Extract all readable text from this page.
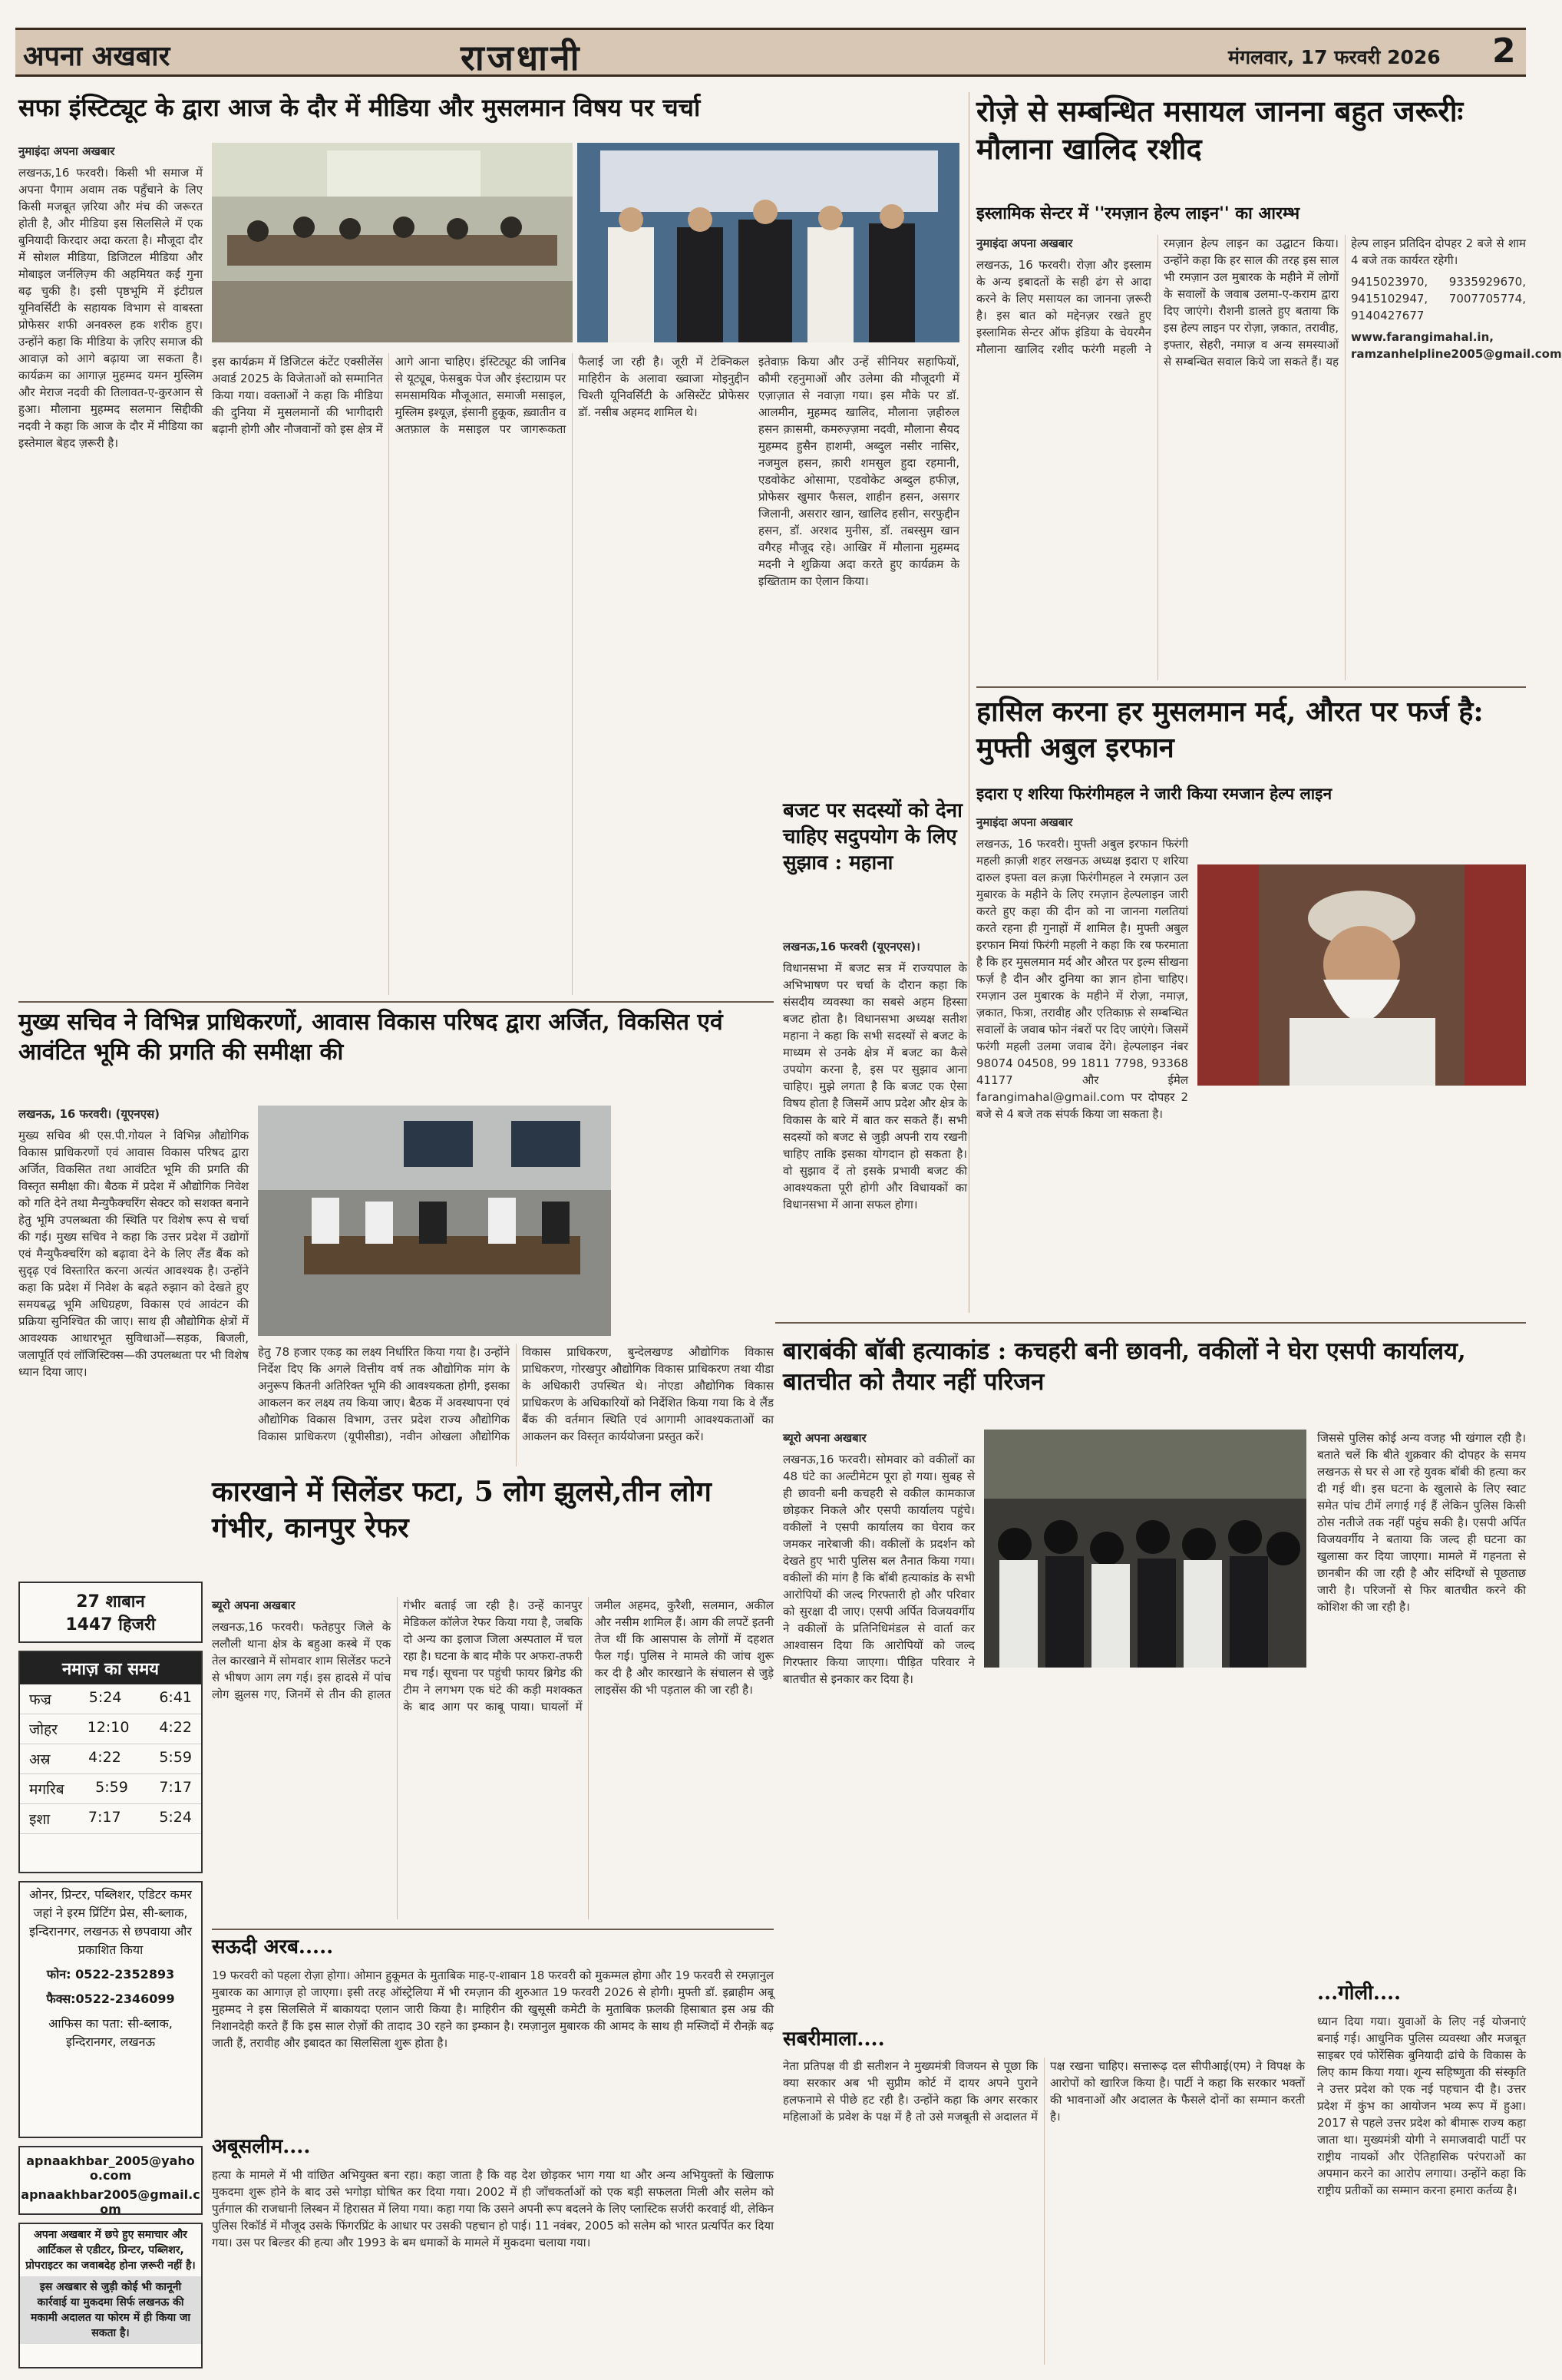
अपना अखबार	राजधानी	मंगलवार, 17 फरवरी 2026 2
सफा इंस्टिट्यूट के द्वारा आज के दौर में मीडिया और मुसलमान विषय पर चर्चा

नुमाइंदा अपना अखबार

लखनऊ,16 फरवरी। किसी भी समाज में अपना पैगाम अवाम तक पहुँचाने के लिए किसी मजबूत ज़रिया और मंच की जरूरत होती है, और मीडिया इस सिलसिले में एक बुनियादी किरदार अदा करता है। मौजूदा दौर में सोशल मीडिया, डिजिटल मीडिया और मोबाइल जर्नलिज़्म की अहमियत कई गुना बढ़ चुकी है। इसी पृष्ठभूमि में इंटीग्रल यूनिवर्सिटी के सहायक विभाग से वाबस्ता प्रोफेसर शफी अनवरुल हक शरीक हुए। उन्होंने कहा कि मीडिया के ज़रिए समाज की आवाज़ को आगे बढ़ाया जा सकता है। कार्यक्रम का आगाज़ मुहम्मद यमन मुस्लिम और मेराज नदवी की तिलावत-ए-कुरआन से हुआ। मौलाना मुहम्मद सलमान सिद्दीकी नदवी ने कहा कि आज के दौर में मीडिया का इस्तेमाल बेहद ज़रूरी है।

इस कार्यक्रम में डिजिटल कंटेंट एक्सीलेंस अवार्ड 2025 के विजेताओं को सम्मानित किया गया। वक्ताओं ने कहा कि मीडिया की दुनिया में मुसलमानों की भागीदारी बढ़ानी होगी और नौजवानों को इस क्षेत्र में आगे आना चाहिए। इंस्टिट्यूट की जानिब से यूट्यूब, फेसबुक पेज और इंस्टाग्राम पर समसामयिक मौजूआत, समाजी मसाइल, मुस्लिम इश्यूज़, इंसानी हुकूक, ख़्वातीन व अतफ़ाल के मसाइल पर जागरूकता फैलाई जा रही है। जूरी में टेक्निकल माहिरीन के अलावा ख्वाजा मोइनुद्दीन चिश्ती यूनिवर्सिटी के असिस्टेंट प्रोफेसर डॉ. नसीब अहमद शामिल थे।

इतेवाफ़ किया और उन्हें सीनियर सहाफियों, कौमी रहनुमाओं और उलेमा की मौजूदगी में एज़ाज़ात से नवाज़ा गया। इस मौके पर डॉ. आलमीन, मुहम्मद खालिद, मौलाना ज़हीरुल हसन क़ासमी, कमरुज़्ज़मा नदवी, मौलाना सैयद मुहम्मद हुसैन हाशमी, अब्दुल नसीर नासिर, नजमुल हसन, क़ारी शमसुल हुदा रहमानी, एडवोकेट ओसामा, एडवोकेट अब्दुल हफीज़, प्रोफेसर खुमार फैसल, शाहीन हसन, असगर जिलानी, असरार खान, खालिद हसीन, सरफुद्दीन हसन, डॉ. अरशद मुनीस, डॉ. तबस्सुम खान वगैरह मौजूद रहे। आखिर में मौलाना मुहम्मद मदनी ने शुक्रिया अदा करते हुए कार्यक्रम के इख्तिताम का ऐलान किया।

रोज़े से सम्बन्धित मसायल जानना बहुत जरूरीः मौलाना खालिद रशीद
इस्लामिक सेन्टर में ''रमज़ान हेल्प लाइन'' का आरम्भ

नुमाइंदा अपना अखबार

लखनऊ, 16 फरवरी। रोज़ा और इस्लाम के अन्य इबादतों के सही ढंग से आदा करने के लिए मसायल का जानना ज़रूरी है। इस बात को मद्देनज़र रखते हुए इस्लामिक सेन्टर ऑफ इंडिया के चेयरमैन मौलाना खालिद रशीद फरंगी महली ने रमज़ान हेल्प लाइन का उद्घाटन किया। उन्होंने कहा कि हर साल की तरह इस साल भी रमज़ान उल मुबारक के महीने में लोगों के सवालों के जवाब उलमा-ए-कराम द्वारा दिए जाएंगे। रौशनी डालते हुए बताया कि इस हेल्प लाइन पर रोज़ा, ज़कात, तरावीह, इफ्तार, सेहरी, नमाज़ व अन्य समस्याओं से सम्बन्धित सवाल किये जा सकते हैं। यह हेल्प लाइन प्रतिदिन दोपहर 2 बजे से शाम 4 बजे तक कार्यरत रहेगी।

9415023970, 9335929670, 9415102947, 7007705774, 9140427677

www.farangimahal.in, ramzanhelpline2005@gmail.com

हासिल करना हर मुसलमान मर्द, औरत पर फर्ज है: मुफ्ती अबुल इरफान
इदारा ए शरिया फिरंगीमहल ने जारी किया रमजान हेल्प लाइन

नुमाइंदा अपना अखबार

लखनऊ, 16 फरवरी। मुफ्ती अबुल इरफान फिरंगी महली क़ाज़ी शहर लखनऊ अध्यक्ष इदारा ए शरिया दारुल इफ्ता वल क़ज़ा फिरंगीमहल ने रमज़ान उल मुबारक के महीने के लिए रमज़ान हेल्पलाइन जारी करते हुए कहा की दीन को ना जानना गलतियां करते रहना ही गुनाहों में शामिल है। मुफ्ती अबुल इरफान मियां फिरंगी महली ने कहा कि रब फरमाता है कि हर मुसलमान मर्द और औरत पर इल्म सीखना फर्ज़ है दीन और दुनिया का ज्ञान होना चाहिए। रमज़ान उल मुबारक के महीने में रोज़ा, नमाज़, ज़कात, फित्रा, तरावीह और एतिकाफ़ से सम्बन्धित सवालों के जवाब फोन नंबरों पर दिए जाएंगे। जिसमें फरंगी महली उलमा जवाब देंगे। हेल्पलाइन नंबर 98074 04508, 99 1811 7798, 93368 41177 और ईमेल farangimahal@gmail.com पर दोपहर 2 बजे से 4 बजे तक संपर्क किया जा सकता है।

मुख्य सचिव ने विभिन्न प्राधिकरणों, आवास विकास परिषद द्वारा अर्जित, विकसित एवं आवंटित भूमि की प्रगति की समीक्षा की

लखनऊ, 16 फरवरी। (यूएनएस)

मुख्य सचिव श्री एस.पी.गोयल ने विभिन्न औद्योगिक विकास प्राधिकरणों एवं आवास विकास परिषद द्वारा अर्जित, विकसित तथा आवंटित भूमि की प्रगति की विस्तृत समीक्षा की। बैठक में प्रदेश में औद्योगिक निवेश को गति देने तथा मैन्युफैक्चरिंग सेक्टर को सशक्त बनाने हेतु भूमि उपलब्धता की स्थिति पर विशेष रूप से चर्चा की गई। मुख्य सचिव ने कहा कि उत्तर प्रदेश में उद्योगों एवं मैन्युफैक्चरिंग को बढ़ावा देने के लिए लैंड बैंक को सुदृढ़ एवं विस्तारित करना अत्यंत आवश्यक है। उन्होंने कहा कि प्रदेश में निवेश के बढ़ते रुझान को देखते हुए समयबद्ध भूमि अधिग्रहण, विकास एवं आवंटन की प्रक्रिया सुनिश्चित की जाए। साथ ही औद्योगिक क्षेत्रों में आवश्यक आधारभूत सुविधाओं—सड़क, बिजली, जलापूर्ति एवं लॉजिस्टिक्स—की उपलब्धता पर भी विशेष ध्यान दिया जाए।

हेतु 78 हजार एकड़ का लक्ष्य निर्धारित किया गया है। उन्होंने निर्देश दिए कि अगले वित्तीय वर्ष तक औद्योगिक मांग के अनुरूप कितनी अतिरिक्त भूमि की आवश्यकता होगी, इसका आकलन कर लक्ष्य तय किया जाए। बैठक में अवस्थापना एवं औद्योगिक विकास विभाग, उत्तर प्रदेश राज्य औद्योगिक विकास प्राधिकरण (यूपीसीडा), नवीन ओखला औद्योगिक विकास प्राधिकरण, बुन्देलखण्ड औद्योगिक विकास प्राधिकरण, गोरखपुर औद्योगिक विकास प्राधिकरण तथा यीडा के अधिकारी उपस्थित थे। नोएडा औद्योगिक विकास प्राधिकरण के अधिकारियों को निर्देशित किया गया कि वे लैंड बैंक की वर्तमान स्थिति एवं आगामी आवश्यकताओं का आकलन कर विस्तृत कार्ययोजना प्रस्तुत करें।

बजट पर सदस्यों को देना चाहिए सदुपयोग के लिए सुझाव : महाना

लखनऊ,16 फरवरी (यूएनएस)।

विधानसभा में बजट सत्र में राज्यपाल के अभिभाषण पर चर्चा के दौरान कहा कि संसदीय व्यवस्था का सबसे अहम हिस्सा बजट होता है। विधानसभा अध्यक्ष सतीश महाना ने कहा कि सभी सदस्यों से बजट के माध्यम से उनके क्षेत्र में बजट का कैसे उपयोग करना है, इस पर सुझाव आना चाहिए। मुझे लगता है कि बजट एक ऐसा विषय होता है जिसमें आप प्रदेश और क्षेत्र के विकास के बारे में बात कर सकते हैं। सभी सदस्यों को बजट से जुड़ी अपनी राय रखनी चाहिए ताकि इसका योगदान हो सकता है। वो सुझाव दें तो इसके प्रभावी बजट की आवश्यकता पूरी होगी और विधायकों का विधानसभा में आना सफल होगा।

कारखाने में सिलेंडर फटा, 5 लोग झुलसे,तीन लोग गंभीर, कानपुर रेफर

ब्यूरो अपना अखबार

लखनऊ,16 फरवरी। फतेहपुर जिले के ललौली थाना क्षेत्र के बहुआ कस्बे में एक तेल कारखाने में सोमवार शाम सिलेंडर फटने से भीषण आग लग गई। इस हादसे में पांच लोग झुलस गए, जिनमें से तीन की हालत गंभीर बताई जा रही है। उन्हें कानपुर मेडिकल कॉलेज रेफर किया गया है, जबकि दो अन्य का इलाज जिला अस्पताल में चल रहा है। घटना के बाद मौके पर अफरा-तफरी मच गई। सूचना पर पहुंची फायर ब्रिगेड की टीम ने लगभग एक घंटे की कड़ी मशक्कत के बाद आग पर काबू पाया। घायलों में जमील अहमद, कुरैशी, सलमान, अकील और नसीम शामिल हैं। आग की लपटें इतनी तेज थीं कि आसपास के लोगों में दहशत फैल गई। पुलिस ने मामले की जांच शुरू कर दी है और कारखाने के संचालन से जुड़े लाइसेंस की भी पड़ताल की जा रही है।

बाराबंकी बॉबी हत्याकांड : कचहरी बनी छावनी, वकीलों ने घेरा एसपी कार्यालय, बातचीत को तैयार नहीं परिजन

ब्यूरो अपना अखबार

लखनऊ,16 फरवरी। सोमवार को वकीलों का 48 घंटे का अल्टीमेटम पूरा हो गया। सुबह से ही छावनी बनी कचहरी से वकील कामकाज छोड़कर निकले और एसपी कार्यालय पहुंचे। वकीलों ने एसपी कार्यालय का घेराव कर जमकर नारेबाजी की। वकीलों के प्रदर्शन को देखते हुए भारी पुलिस बल तैनात किया गया। वकीलों की मांग है कि बॉबी हत्याकांड के सभी आरोपियों की जल्द गिरफ्तारी हो और परिवार को सुरक्षा दी जाए। एसपी अर्पित विजयवर्गीय ने वकीलों के प्रतिनिधिमंडल से वार्ता कर आश्वासन दिया कि आरोपियों को जल्द गिरफ्तार किया जाएगा। पीड़ित परिवार ने बातचीत से इनकार कर दिया है।

जिससे पुलिस कोई अन्य वजह भी खंगाल रही है। बताते चलें कि बीते शुक्रवार की दोपहर के समय लखनऊ से घर से आ रहे युवक बॉबी की हत्या कर दी गई थी। इस घटना के खुलासे के लिए स्वाट समेत पांच टीमें लगाई गई हैं लेकिन पुलिस किसी ठोस नतीजे तक नहीं पहुंच सकी है। एसपी अर्पित विजयवर्गीय ने बताया कि जल्द ही घटना का खुलासा कर दिया जाएगा। मामले में गहनता से छानबीन की जा रही है और संदिग्धों से पूछताछ जारी है। परिजनों से फिर बातचीत करने की कोशिश की जा रही है।

सऊदी अरब.....

19 फरवरी को पहला रोज़ा होगा। ओमान हुकूमत के मुताबिक माह-ए-शाबान 18 फरवरी को मुकम्मल होगा और 19 फरवरी से रमज़ानुल मुबारक का आगाज़ हो जाएगा। इसी तरह ऑस्ट्रेलिया में भी रमज़ान की शुरुआत 19 फरवरी 2026 से होगी। मुफ्ती डॉ. इब्राहीम अबू मुहम्मद ने इस सिलसिले में बाकायदा एलान जारी किया है। माहिरीन की खुसूसी कमेटी के मुताबिक फ़लकी हिसाबात इस अम्र की निशानदेही करते हैं कि इस साल रोज़ों की तादाद 30 रहने का इम्कान है। रमज़ानुल मुबारक की आमद के साथ ही मस्जिदों में रौनक़ें बढ़ जाती हैं, तरावीह और इबादत का सिलसिला शुरू होता है।

अबूसलीम....

हत्या के मामले में भी वांछित अभियुक्त बना रहा। कहा जाता है कि वह देश छोड़कर भाग गया था और अन्य अभियुक्तों के खिलाफ मुकदमा शुरू होने के बाद उसे भगोड़ा घोषित कर दिया गया। 2002 में ही जाँचकर्ताओं को एक बड़ी सफलता मिली और सलेम को पुर्तगाल की राजधानी लिस्बन में हिरासत में लिया गया। कहा गया कि उसने अपनी रूप बदलने के लिए प्लास्टिक सर्जरी करवाई थी, लेकिन पुलिस रिकॉर्ड में मौजूद उसके फिंगरप्रिंट के आधार पर उसकी पहचान हो पाई। 11 नवंबर, 2005 को सलेम को भारत प्रत्यर्पित कर दिया गया। उस पर बिल्डर की हत्या और 1993 के बम धमाकों के मामले में मुकदमा चलाया गया।

सबरीमाला....

नेता प्रतिपक्ष वी डी सतीशन ने मुख्यमंत्री विजयन से पूछा कि क्या सरकार अब भी सुप्रीम कोर्ट में दायर अपने पुराने हलफनामे से पीछे हट रही है। उन्होंने कहा कि अगर सरकार महिलाओं के प्रवेश के पक्ष में है तो उसे मजबूती से अदालत में पक्ष रखना चाहिए। सत्तारूढ़ दल सीपीआई(एम) ने विपक्ष के आरोपों को खारिज किया है। पार्टी ने कहा कि सरकार भक्तों की भावनाओं और अदालत के फैसले दोनों का सम्मान करती है।

...गोली....

ध्यान दिया गया। युवाओं के लिए नई योजनाएं बनाई गई। आधुनिक पुलिस व्यवस्था और मजबूत साइबर एवं फोरेंसिक बुनियादी ढांचे के विकास के लिए काम किया गया। शून्य सहिष्णुता की संस्कृति ने उत्तर प्रदेश को एक नई पहचान दी है। उत्तर प्रदेश में कुंभ का आयोजन भव्य रूप में हुआ। 2017 से पहले उत्तर प्रदेश को बीमारू राज्य कहा जाता था। मुख्यमंत्री योगी ने समाजवादी पार्टी पर राष्ट्रीय नायकों और ऐतिहासिक परंपराओं का अपमान करने का आरोप लगाया। उन्होंने कहा कि राष्ट्रीय प्रतीकों का सम्मान करना हमारा कर्तव्य है।

27 शाबान
1447 हिजरी
नमाज़ का समय
फज्र	5:24	6:41
जोहर 12:10 4:22
अस्र	4:22	5:59
मगरिब 5:59 7:17
इशा	7:17	5:24
ओनर, प्रिन्टर, पब्लिशर, एडिटर कमर जहां ने इरम प्रिंटिंग प्रेस, सी-ब्लाक, इन्दिरानगर, लखनऊ से छपवाया और प्रकाशित किया
फोन: 0522-2352893
फैक्स:0522-2346099
आफिस का पता: सी-ब्लाक, इन्दिरानगर, लखनऊ
apnaakhbar_2005@yahoo.com
apnaakhbar2005@gmail.com
अपना अखबार में छपे हुए समाचार और आर्टिकल से एडीटर, प्रिन्टर, पब्लिशर, प्रोपराइटर का जवाबदेह होना ज़रूरी नहीं है।
इस अखबार से जुड़ी कोई भी कानूनी कार्रवाई या मुकदमा सिर्फ लखनऊ की मकामी अदालत या फोरम में ही किया जा सकता है।
